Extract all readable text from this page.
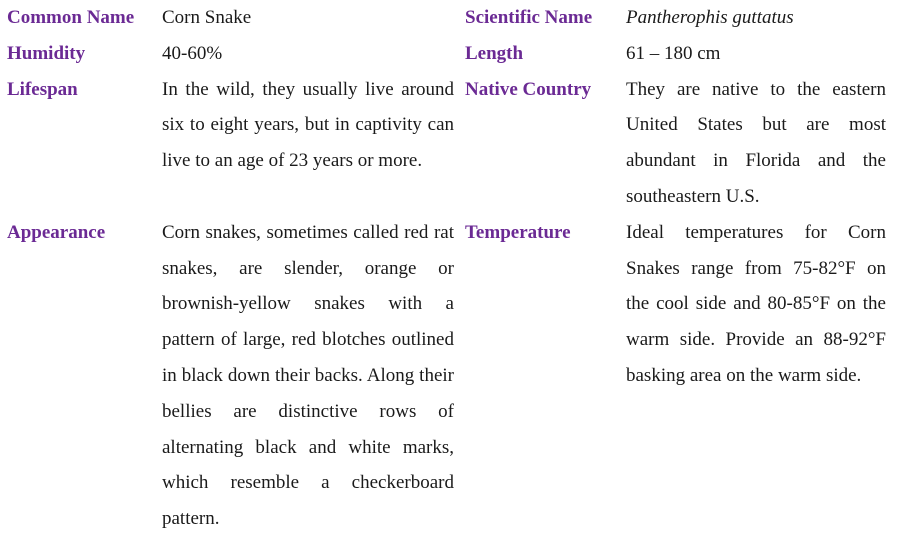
Common Name	Corn Snake	Scientific Name	Pantherophis guttatus
Humidity	40-60%	Length	61 – 180 cm
Lifespan	In the wild, they usually live around six to eight years, but in captivity can live to an age of 23 years or more.	Native Country	They are native to the eastern United States but are most abundant in Florida and the southeastern U.S.
Appearance	Corn snakes, sometimes called red rat snakes, are slender, orange or brownish-yellow snakes with a pattern of large, red blotches outlined in black down their backs. Along their bellies are distinctive rows of alternating black and white marks, which resemble a checkerboard pattern.	Temperature	Ideal temperatures for Corn Snakes range from 75-82°F on the cool side and 80-85°F on the warm side. Provide an 88-92°F basking area on the warm side.
